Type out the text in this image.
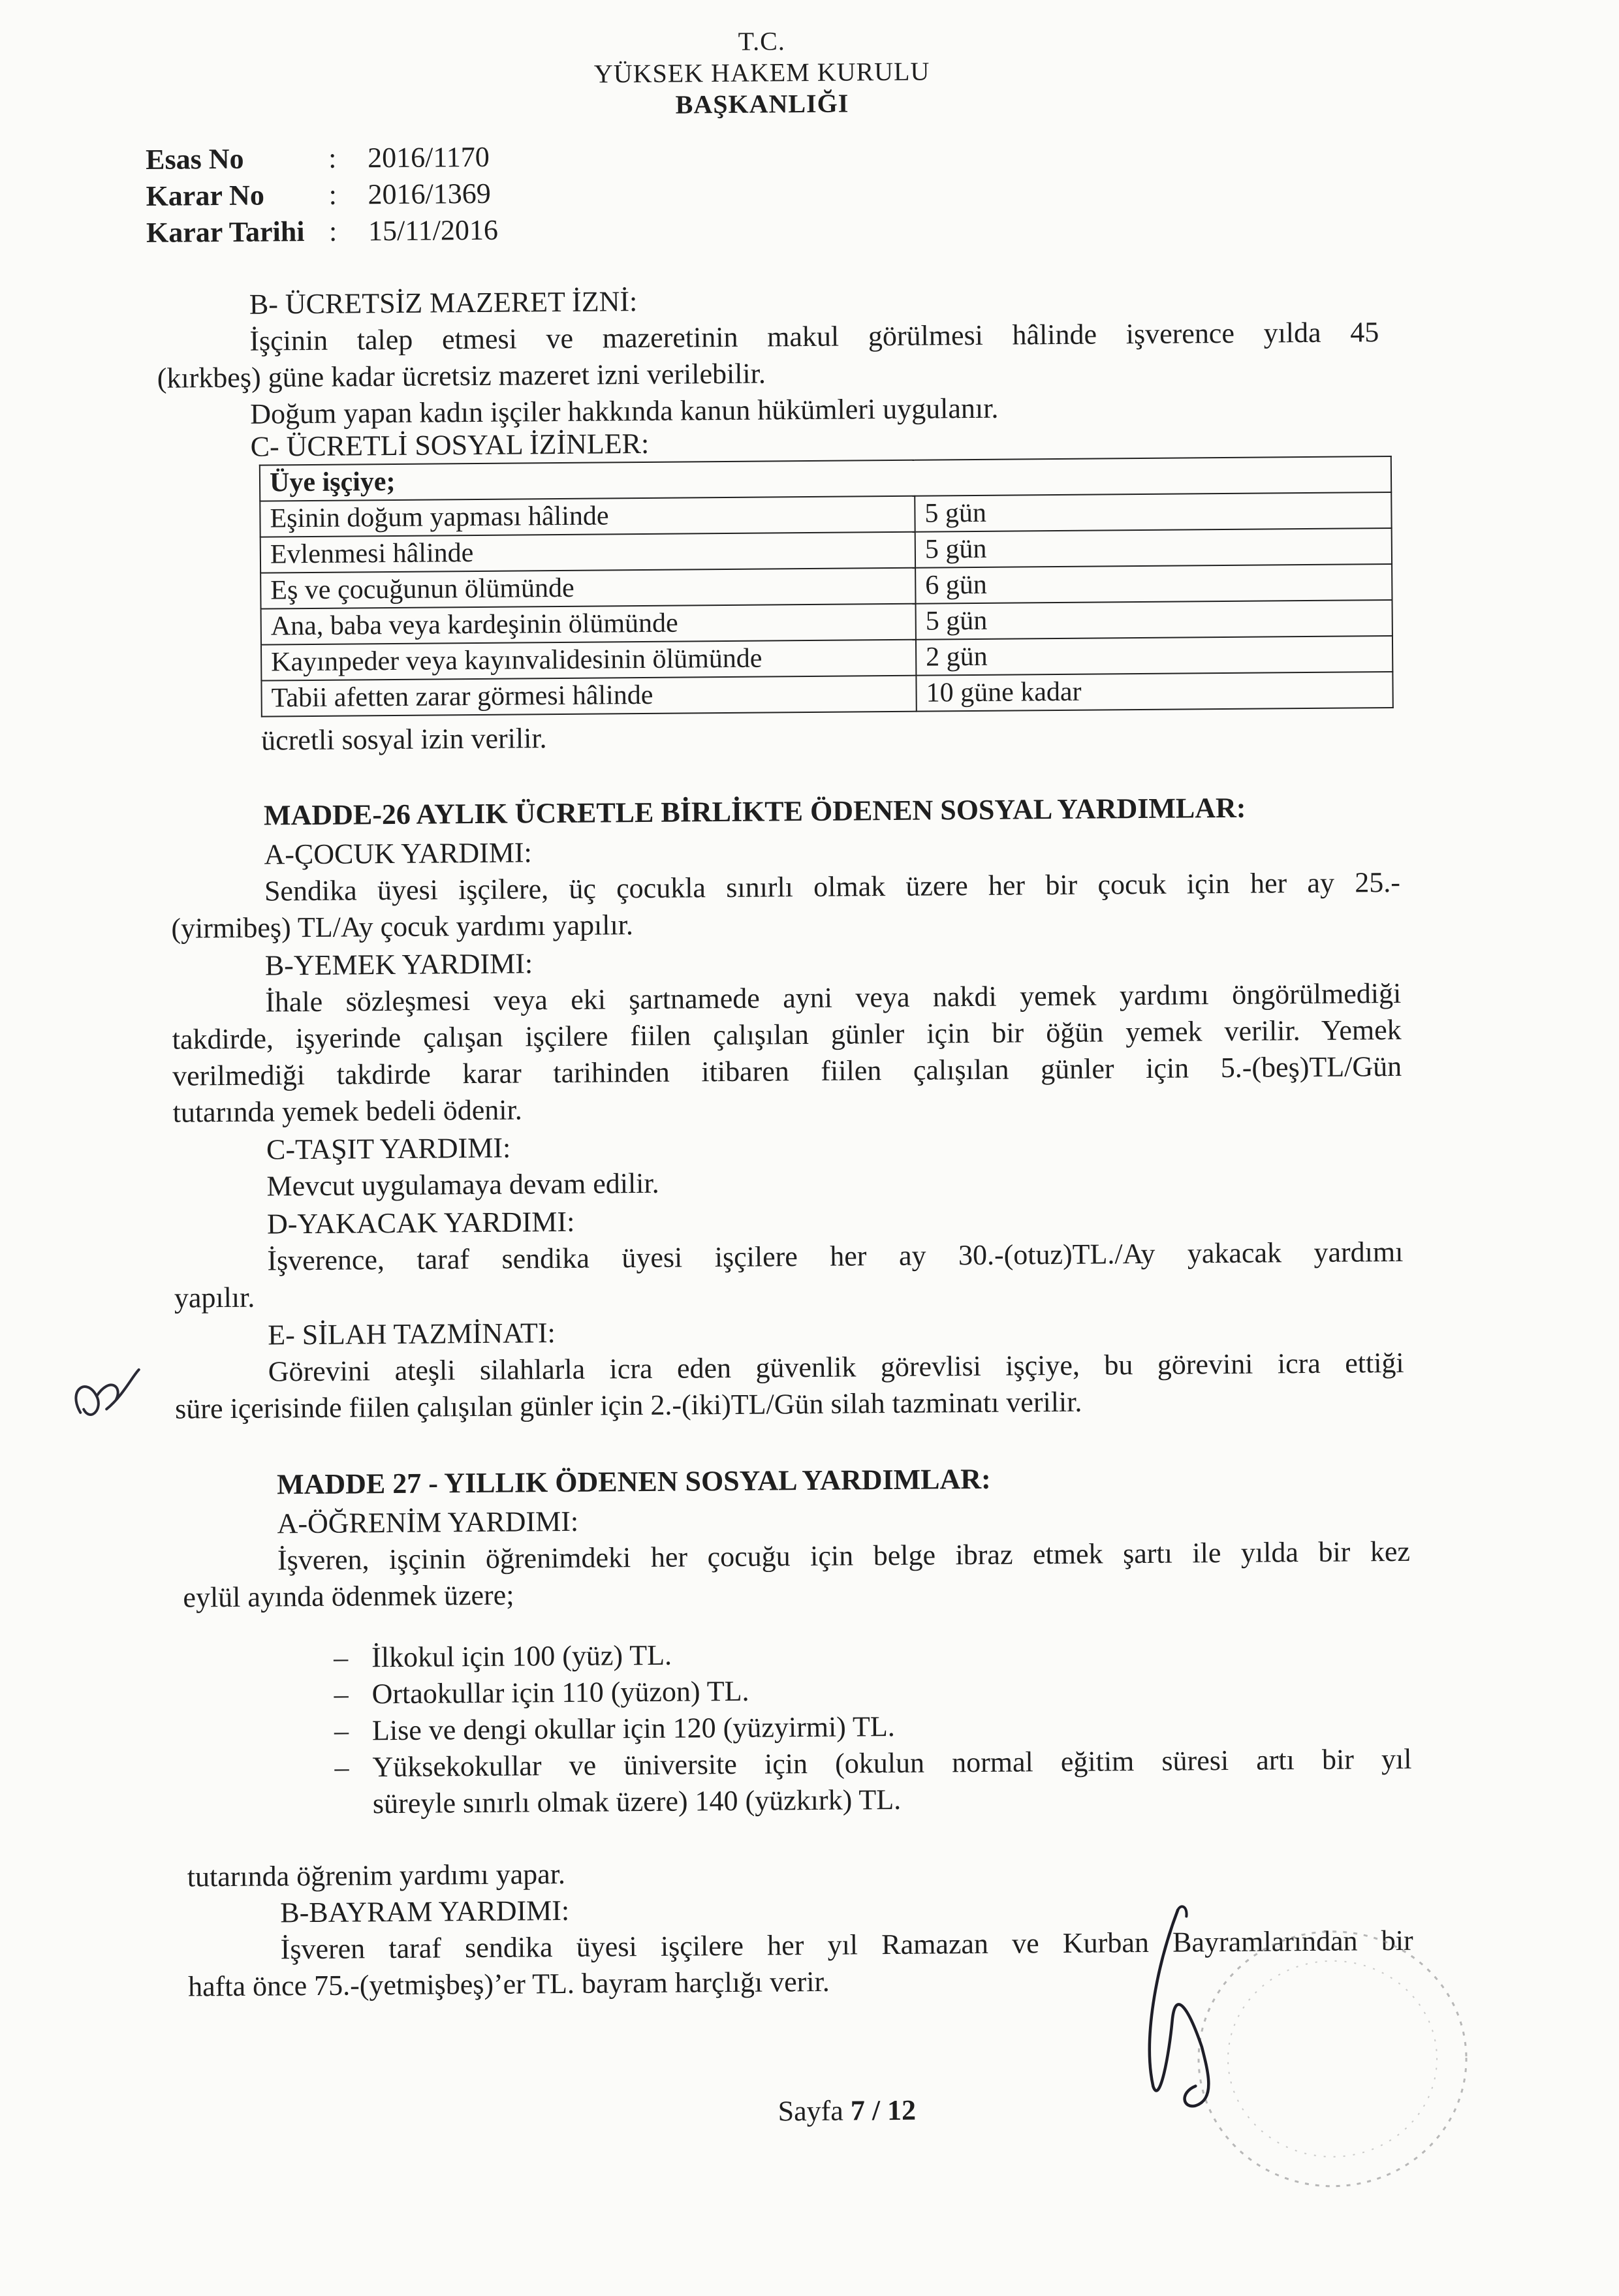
T.C.
YÜKSEK HAKEM KURULU
BAŞKANLIĞI
Esas No	: 2016/1170
Karar No : 2016/1369
Karar Tarihi : 15/11/2016
B- ÜCRETSİZ MAZERET İZNİ:
İşçinin talep etmesi ve mazeretinin makul görülmesi hâlinde işverence yılda 45
(kırkbeş) güne kadar ücretsiz mazeret izni verilebilir.
Doğum yapan kadın işçiler hakkında kanun hükümleri uygulanır.
C- ÜCRETLİ SOSYAL İZİNLER:
Üye işçiye;	
Eşinin doğum yapması hâlinde	5 gün
Evlenmesi hâlinde	5 gün
Eş ve çocuğunun ölümünde	6 gün
Ana, baba veya kardeşinin ölümünde	5 gün
Kayınpeder veya kayınvalidesinin ölümünde	2 gün
Tabii afetten zarar görmesi hâlinde	10 güne kadar
ücretli sosyal izin verilir.
MADDE-26 AYLIK ÜCRETLE BİRLİKTE ÖDENEN SOSYAL YARDIMLAR:
A-ÇOCUK YARDIMI:
Sendika üyesi işçilere, üç çocukla sınırlı olmak üzere her bir çocuk için her ay 25.-
(yirmibeş) TL/Ay çocuk yardımı yapılır.
B-YEMEK YARDIMI:
İhale sözleşmesi veya eki şartnamede ayni veya nakdi yemek yardımı öngörülmediği
takdirde, işyerinde çalışan işçilere fiilen çalışılan günler için bir öğün yemek verilir. Yemek
verilmediği takdirde karar tarihinden itibaren fiilen çalışılan günler için 5.-(beş)TL/Gün
tutarında yemek bedeli ödenir.
C-TAŞIT YARDIMI:
Mevcut uygulamaya devam edilir.
D-YAKACAK YARDIMI:
İşverence, taraf sendika üyesi işçilere her ay 30.-(otuz)TL./Ay yakacak yardımı
yapılır.
E- SİLAH TAZMİNATI:
Görevini ateşli silahlarla icra eden güvenlik görevlisi işçiye, bu görevini icra ettiği
süre içerisinde fiilen çalışılan günler için 2.-(iki)TL/Gün silah tazminatı verilir.
MADDE 27 - YILLIK ÖDENEN SOSYAL YARDIMLAR:
A-ÖĞRENİM YARDIMI:
İşveren, işçinin öğrenimdeki her çocuğu için belge ibraz etmek şartı ile yılda bir kez
eylül ayında ödenmek üzere;
– İlkokul için 100 (yüz) TL.
– Ortaokullar için 110 (yüzon) TL.
– Lise ve dengi okullar için 120 (yüzyirmi) TL.
– Yüksekokullar ve üniversite için (okulun normal eğitim süresi artı bir yıl
süreyle sınırlı olmak üzere) 140 (yüzkırk) TL.
tutarında öğrenim yardımı yapar.
B-BAYRAM YARDIMI:
İşveren taraf sendika üyesi işçilere her yıl Ramazan ve Kurban Bayramlarından bir
hafta önce 75.-(yetmişbeş)’er TL. bayram harçlığı verir.
Sayfa 7 / 12
